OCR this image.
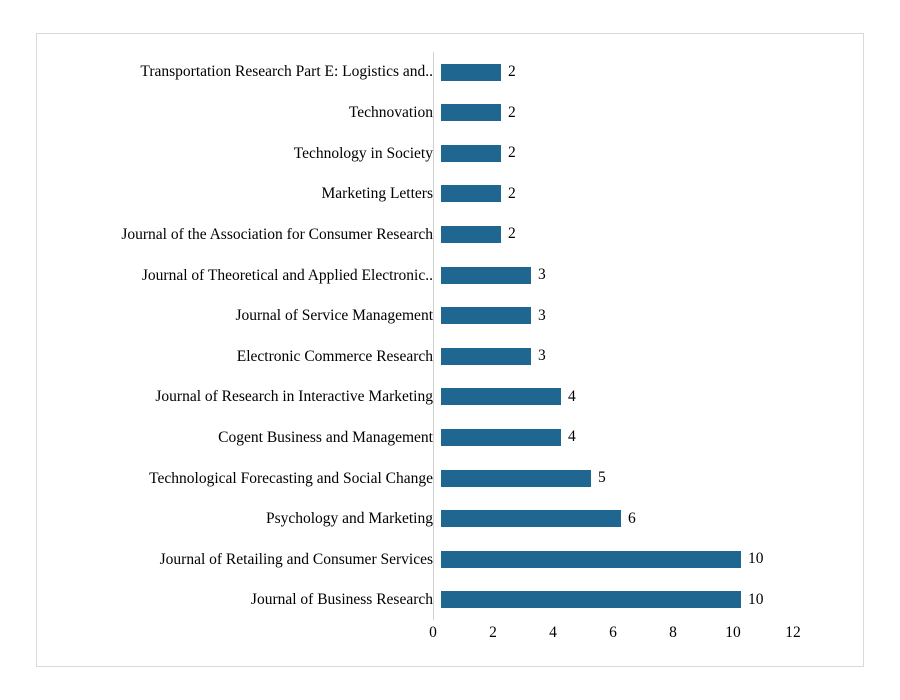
Transportation Research Part E: Logistics and..	2
Technovation	2
Technology in Society	2
Marketing Letters	2
Journal of the Association for Consumer Research	2
Journal of Theoretical and Applied Electronic..	3
Journal of Service Management	3
Electronic Commerce Research	3
Journal of Research in Interactive Marketing	4
Cogent Business and Management	4
Technological Forecasting and Social Change	5
Psychology and Marketing	6
Journal of Retailing and Consumer Services	10
Journal of Business Research	10
0	2	4	6	8	10	12
